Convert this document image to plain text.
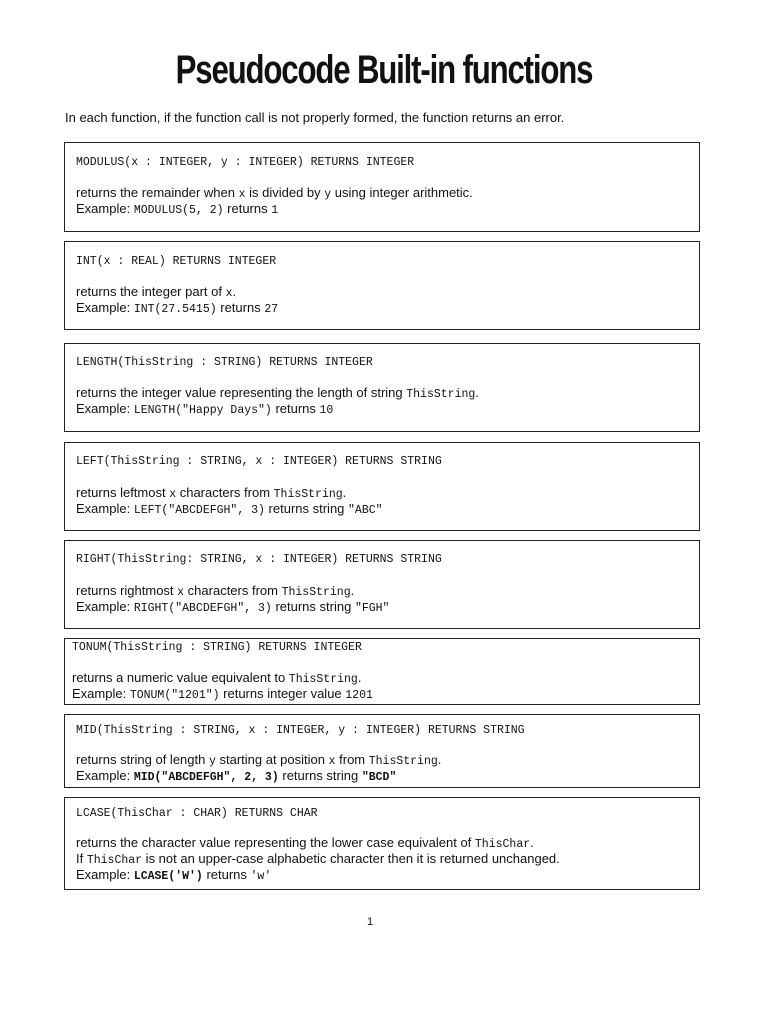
Pseudocode Built-in functions
In each function, if the function call is not properly formed, the function returns an error.
MODULUS(x : INTEGER, y : INTEGER) RETURNS INTEGER
returns the remainder when x is divided by y using integer arithmetic.
Example: MODULUS(5, 2) returns 1
INT(x : REAL) RETURNS INTEGER
returns the integer part of x.
Example: INT(27.5415) returns 27
LENGTH(ThisString : STRING) RETURNS INTEGER
returns the integer value representing the length of string ThisString.
Example: LENGTH("Happy Days") returns 10
LEFT(ThisString : STRING, x : INTEGER) RETURNS STRING
returns leftmost x characters from ThisString.
Example: LEFT("ABCDEFGH", 3) returns string "ABC"
RIGHT(ThisString: STRING, x : INTEGER) RETURNS STRING
returns rightmost x characters from ThisString.
Example: RIGHT("ABCDEFGH", 3) returns string "FGH"
TONUM(ThisString : STRING) RETURNS INTEGER
returns a numeric value equivalent to ThisString.
Example: TONUM("1201") returns integer value 1201
MID(ThisString : STRING, x : INTEGER, y : INTEGER) RETURNS STRING
returns string of length y starting at position x from ThisString.
Example: MID("ABCDEFGH", 2, 3) returns string "BCD"
LCASE(ThisChar : CHAR) RETURNS CHAR
returns the character value representing the lower case equivalent of ThisChar.
If ThisChar is not an upper-case alphabetic character then it is returned unchanged.
Example: LCASE('W') returns 'w'
1
